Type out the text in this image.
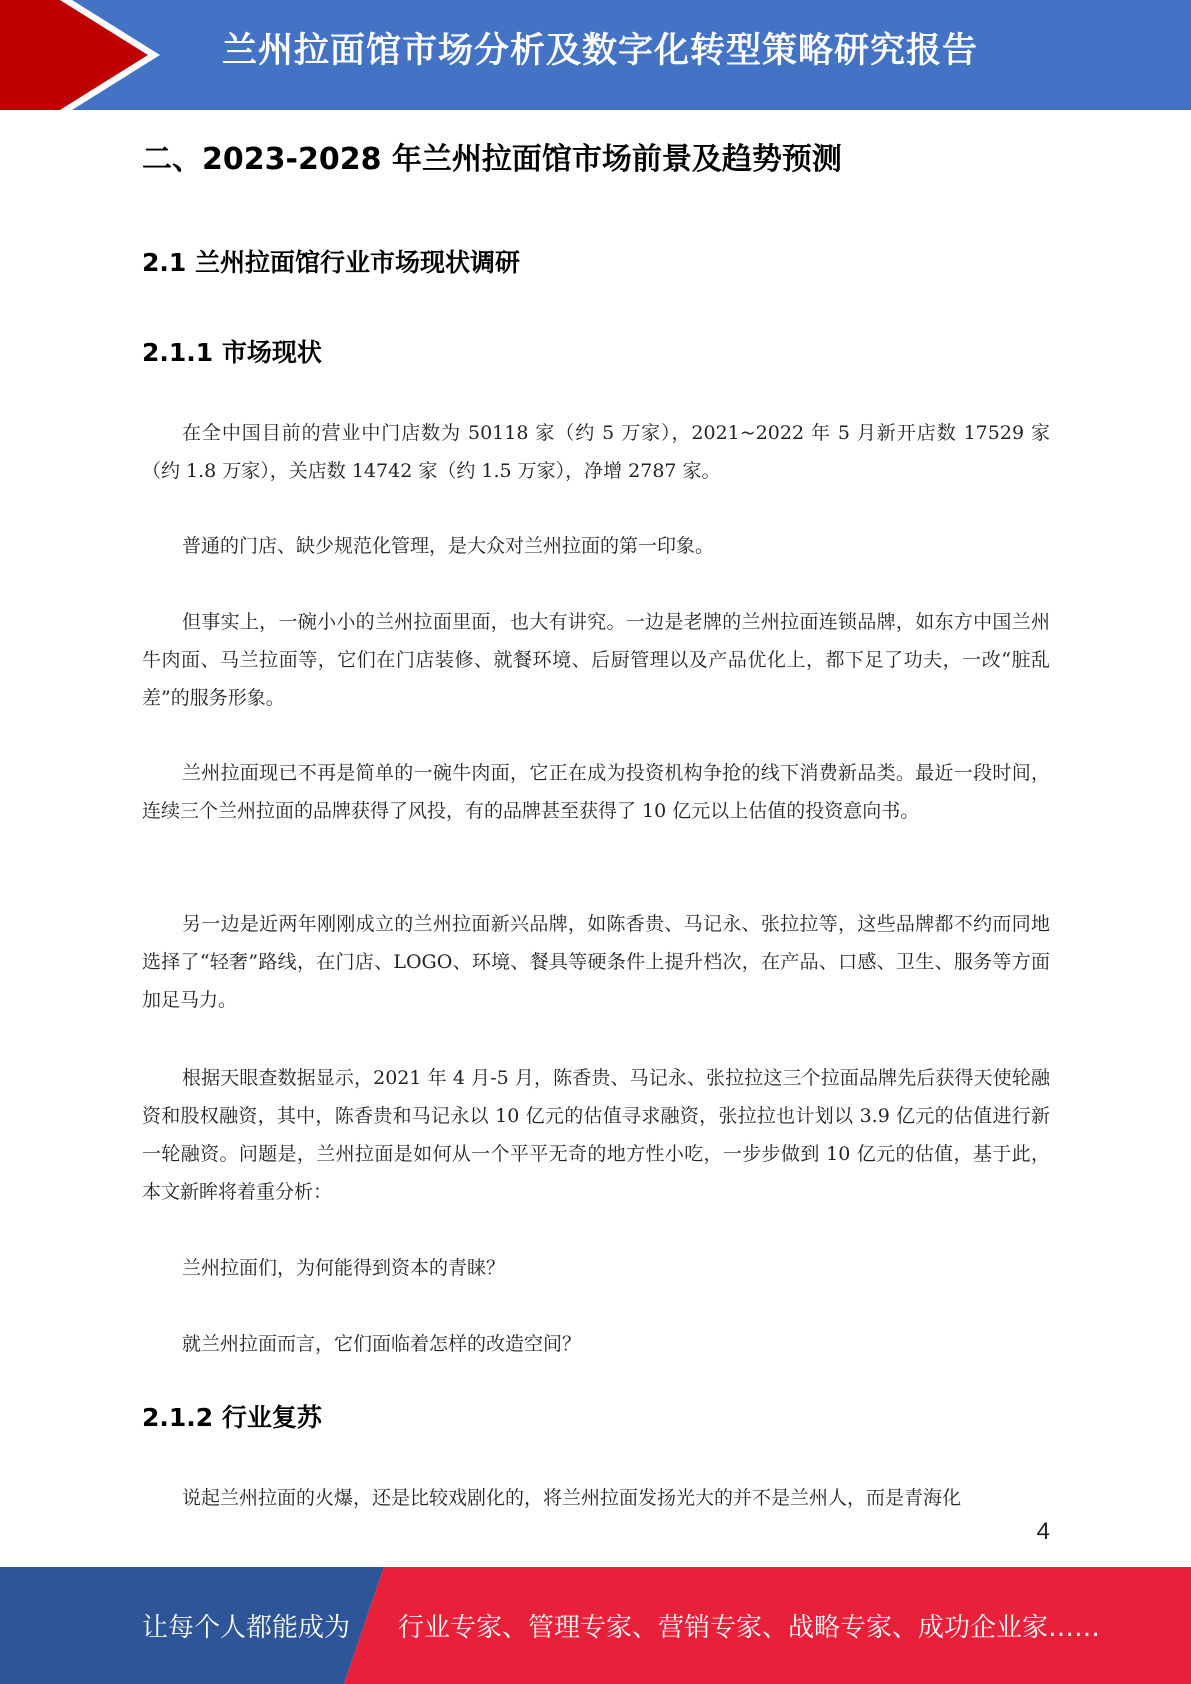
兰州拉面馆市场分析及数字化转型策略研究报告
二、2023-2028 年兰州拉面馆市场前景及趋势预测
2.1 兰州拉面馆行业市场现状调研
2.1.1 市场现状

在全中国目前的营业中门店数为 50118 家（约 5 万家），2021~2022 年 5 月新开店数 17529 家（约 1.8 万家），关店数 14742 家（约 1.5 万家），净增 2787 家。

普通的门店、缺少规范化管理，是大众对兰州拉面的第一印象。

但事实上，一碗小小的兰州拉面里面，也大有讲究。一边是老牌的兰州拉面连锁品牌，如东方中国兰州牛肉面、马兰拉面等，它们在门店装修、就餐环境、后厨管理以及产品优化上，都下足了功夫，一改“脏乱差”的服务形象。

兰州拉面现已不再是简单的一碗牛肉面，它正在成为投资机构争抢的线下消费新品类。最近一段时间，连续三个兰州拉面的品牌获得了风投，有的品牌甚至获得了 10 亿元以上估值的投资意向书。

另一边是近两年刚刚成立的兰州拉面新兴品牌，如陈香贵、马记永、张拉拉等，这些品牌都不约而同地选择了“轻奢”路线，在门店、LOGO、环境、餐具等硬条件上提升档次，在产品、口感、卫生、服务等方面加足马力。

根据天眼查数据显示，2021 年 4 月-5 月，陈香贵、马记永、张拉拉这三个拉面品牌先后获得天使轮融资和股权融资，其中，陈香贵和马记永以 10 亿元的估值寻求融资，张拉拉也计划以 3.9 亿元的估值进行新一轮融资。问题是，兰州拉面是如何从一个平平无奇的地方性小吃，一步步做到 10 亿元的估值，基于此，本文新眸将着重分析：

兰州拉面们，为何能得到资本的青睐？

就兰州拉面而言，它们面临着怎样的改造空间？

2.1.2 行业复苏

说起兰州拉面的火爆，还是比较戏剧化的，将兰州拉面发扬光大的并不是兰州人，而是青海化

4
让每个人都能成为 行业专家、管理专家、营销专家、战略专家、成功企业家……
